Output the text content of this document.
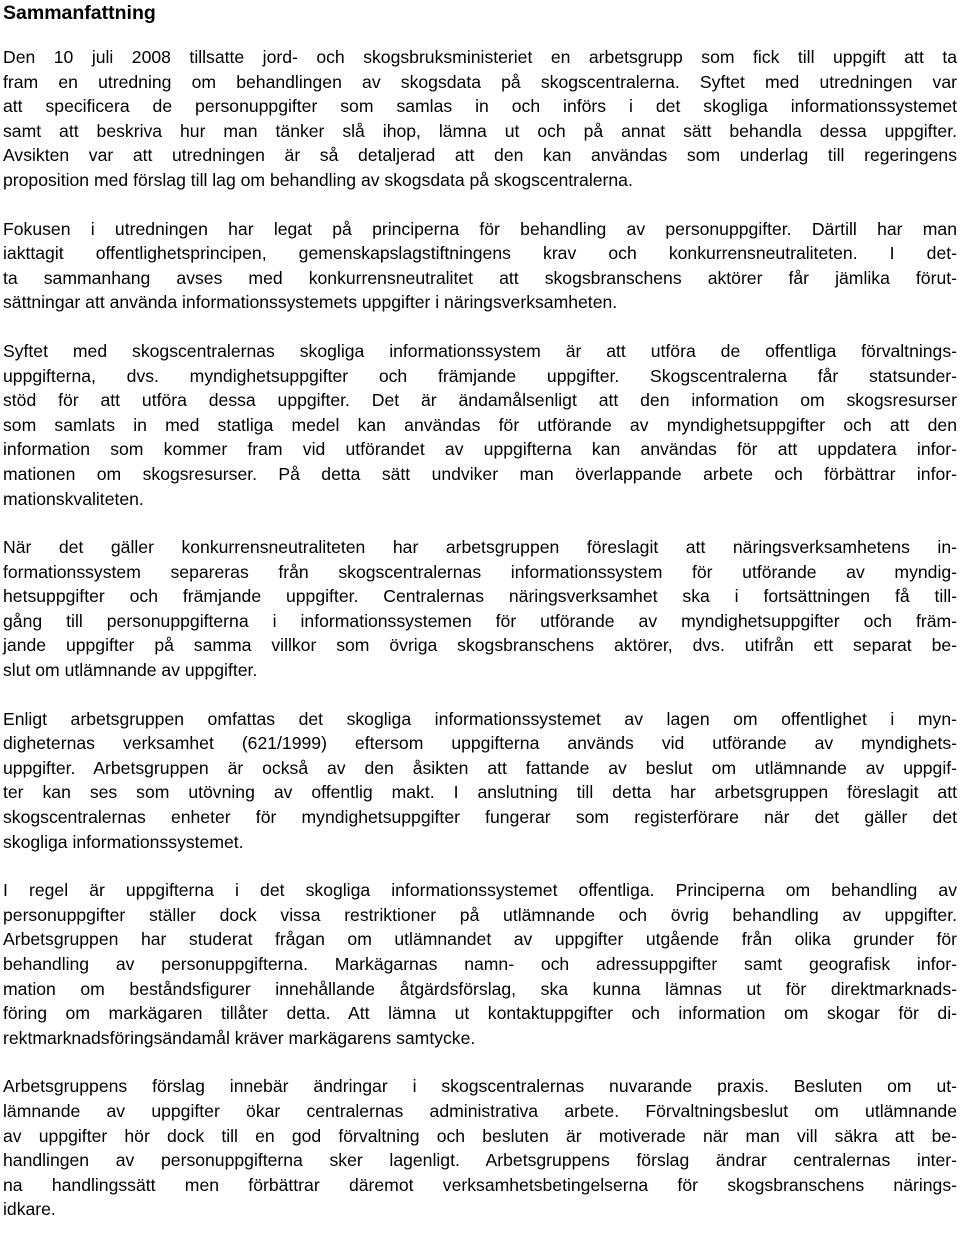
Sammanfattning
Den 10 juli 2008 tillsatte jord- och skogsbruksministeriet en arbetsgrupp som fick till uppgift att ta
fram en utredning om behandlingen av skogsdata på skogscentralerna. Syftet med utredningen var
att specificera de personuppgifter som samlas in och införs i det skogliga informationssystemet
samt att beskriva hur man tänker slå ihop, lämna ut och på annat sätt behandla dessa uppgifter.
Avsikten var att utredningen är så detaljerad att den kan användas som underlag till regeringens
proposition med förslag till lag om behandling av skogsdata på skogscentralerna.
Fokusen i utredningen har legat på principerna för behandling av personuppgifter. Därtill har man
iakttagit offentlighetsprincipen, gemenskapslagstiftningens krav och konkurrensneutraliteten. I det-
ta sammanhang avses med konkurrensneutralitet att skogsbranschens aktörer får jämlika förut-
sättningar att använda informationssystemets uppgifter i näringsverksamheten.
Syftet med skogscentralernas skogliga informationssystem är att utföra de offentliga förvaltnings-
uppgifterna, dvs. myndighetsuppgifter och främjande uppgifter. Skogscentralerna får statsunder-
stöd för att utföra dessa uppgifter. Det är ändamålsenligt att den information om skogsresurser
som samlats in med statliga medel kan användas för utförande av myndighetsuppgifter och att den
information som kommer fram vid utförandet av uppgifterna kan användas för att uppdatera infor-
mationen om skogsresurser. På detta sätt undviker man överlappande arbete och förbättrar infor-
mationskvaliteten.
När det gäller konkurrensneutraliteten har arbetsgruppen föreslagit att näringsverksamhetens in-
formationssystem separeras från skogscentralernas informationssystem för utförande av myndig-
hetsuppgifter och främjande uppgifter. Centralernas näringsverksamhet ska i fortsättningen få till-
gång till personuppgifterna i informationssystemen för utförande av myndighetsuppgifter och främ-
jande uppgifter på samma villkor som övriga skogsbranschens aktörer, dvs. utifrån ett separat be-
slut om utlämnande av uppgifter.
Enligt arbetsgruppen omfattas det skogliga informationssystemet av lagen om offentlighet i myn-
digheternas verksamhet (621/1999) eftersom uppgifterna används vid utförande av myndighets-
uppgifter. Arbetsgruppen är också av den åsikten att fattande av beslut om utlämnande av uppgif-
ter kan ses som utövning av offentlig makt. I anslutning till detta har arbetsgruppen föreslagit att
skogscentralernas enheter för myndighetsuppgifter fungerar som registerförare när det gäller det
skogliga informationssystemet.
I regel är uppgifterna i det skogliga informationssystemet offentliga. Principerna om behandling av
personuppgifter ställer dock vissa restriktioner på utlämnande och övrig behandling av uppgifter.
Arbetsgruppen har studerat frågan om utlämnandet av uppgifter utgående från olika grunder för
behandling av personuppgifterna. Markägarnas namn- och adressuppgifter samt geografisk infor-
mation om beståndsfigurer innehållande åtgärdsförslag, ska kunna lämnas ut för direktmarknads-
föring om markägaren tillåter detta. Att lämna ut kontaktuppgifter och information om skogar för di-
rektmarknadsföringsändamål kräver markägarens samtycke.
Arbetsgruppens förslag innebär ändringar i skogscentralernas nuvarande praxis. Besluten om ut-
lämnande av uppgifter ökar centralernas administrativa arbete. Förvaltningsbeslut om utlämnande
av uppgifter hör dock till en god förvaltning och besluten är motiverade när man vill säkra att be-
handlingen av personuppgifterna sker lagenligt. Arbetsgruppens förslag ändrar centralernas inter-
na handlingssätt men förbättrar däremot verksamhetsbetingelserna för skogsbranschens närings-
idkare.
